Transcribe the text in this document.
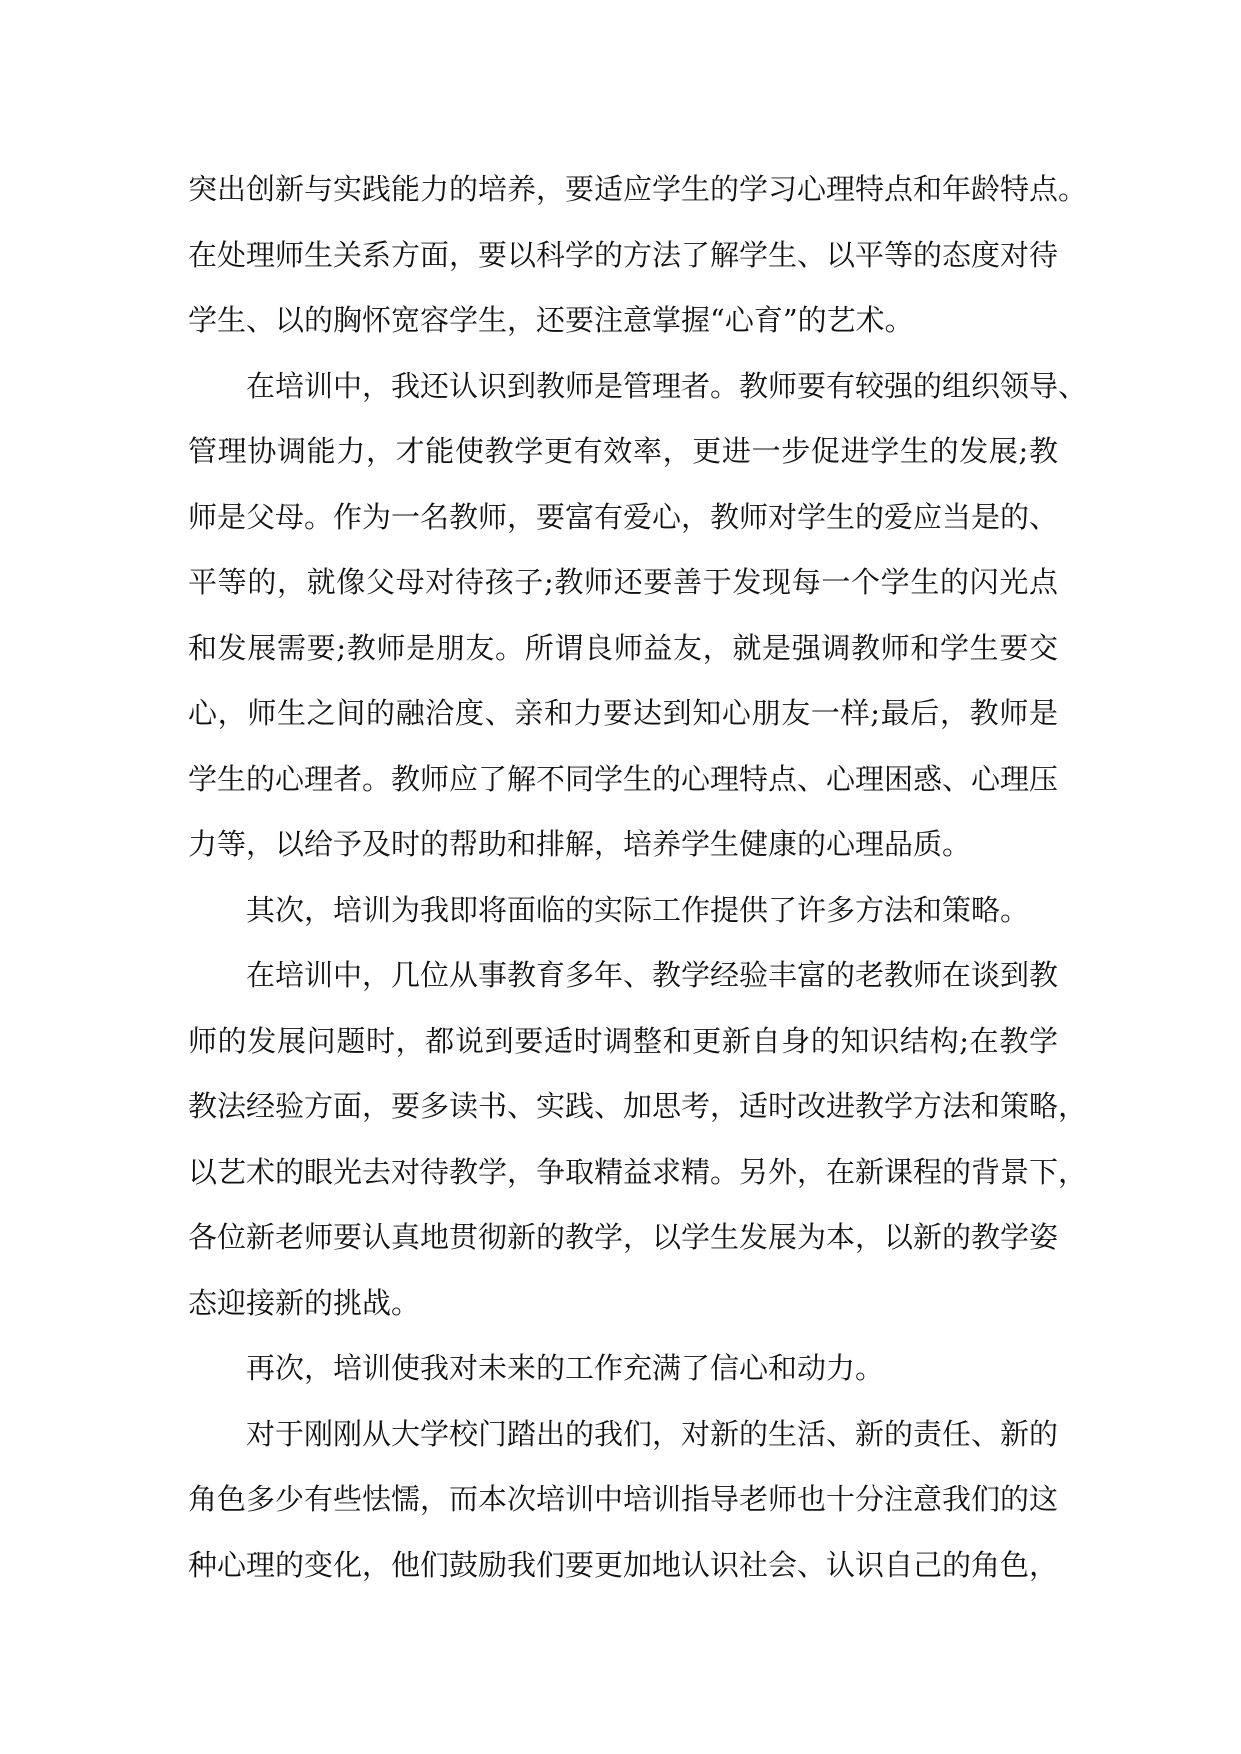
突出创新与实践能力的培养，要适应学生的学习心理特点和年龄特点。
在处理师生关系方面，要以科学的方法了解学生、以平等的态度对待
学生、以的胸怀宽容学生，还要注意掌握“心育”的艺术。
在培训中，我还认识到教师是管理者。教师要有较强的组织领导、
管理协调能力，才能使教学更有效率，更进一步促进学生的发展;教
师是父母。作为一名教师，要富有爱心，教师对学生的爱应当是的、
平等的，就像父母对待孩子;教师还要善于发现每一个学生的闪光点
和发展需要;教师是朋友。所谓良师益友，就是强调教师和学生要交
心，师生之间的融洽度、亲和力要达到知心朋友一样;最后，教师是
学生的心理者。教师应了解不同学生的心理特点、心理困惑、心理压
力等，以给予及时的帮助和排解，培养学生健康的心理品质。
其次，培训为我即将面临的实际工作提供了许多方法和策略。
在培训中，几位从事教育多年、教学经验丰富的老教师在谈到教
师的发展问题时，都说到要适时调整和更新自身的知识结构;在教学
教法经验方面，要多读书、实践、加思考，适时改进教学方法和策略，
以艺术的眼光去对待教学，争取精益求精。另外，在新课程的背景下，
各位新老师要认真地贯彻新的教学，以学生发展为本，以新的教学姿
态迎接新的挑战。
再次，培训使我对未来的工作充满了信心和动力。
对于刚刚从大学校门踏出的我们，对新的生活、新的责任、新的
角色多少有些怯懦，而本次培训中培训指导老师也十分注意我们的这
种心理的变化，他们鼓励我们要更加地认识社会、认识自己的角色，
